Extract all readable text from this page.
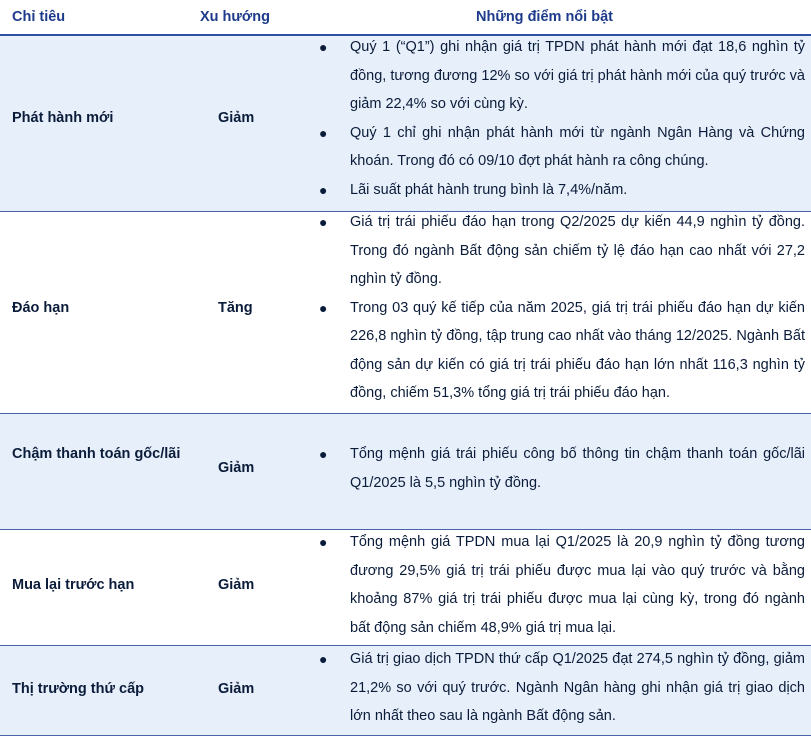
Chỉ tiêu	Xu hướng	Những điểm nổi bật
Phát hành mới	Giảm
● Quý 1 (“Q1”) ghi nhận giá trị TPDN phát hành mới đạt 18,6 nghìn tỷ đồng, tương đương 12% so với giá trị phát hành mới của quý trước và giảm 22,4% so với cùng kỳ.
● Quý 1 chỉ ghi nhận phát hành mới từ ngành Ngân Hàng và Chứng khoán. Trong đó có 09/10 đợt phát hành ra công chúng.
● Lãi suất phát hành trung bình là 7,4%/năm.
Đáo hạn	Tăng
● Giá trị trái phiếu đáo hạn trong Q2/2025 dự kiến 44,9 nghìn tỷ đồng. Trong đó ngành Bất động sản chiếm tỷ lệ đáo hạn cao nhất với 27,2 nghìn tỷ đồng.
● Trong 03 quý kế tiếp của năm 2025, giá trị trái phiếu đáo hạn dự kiến 226,8 nghìn tỷ đồng, tập trung cao nhất vào tháng 12/2025. Ngành Bất động sản dự kiến có giá trị trái phiếu đáo hạn lớn nhất 116,3 nghìn tỷ đồng, chiếm 51,3% tổng giá trị trái phiếu đáo hạn.
Chậm thanh toán gốc/lãi
Giảm
● Tổng mệnh giá trái phiếu công bố thông tin chậm thanh toán gốc/lãi Q1/2025 là 5,5 nghìn tỷ đồng.
Mua lại trước hạn	Giảm
● Tổng mệnh giá TPDN mua lại Q1/2025 là 20,9 nghìn tỷ đồng tương đương 29,5% giá trị trái phiếu được mua lại vào quý trước và bằng khoảng 87% giá trị trái phiếu được mua lại cùng kỳ, trong đó ngành bất động sản chiếm 48,9% giá trị mua lại.
Thị trường thứ cấp	Giảm
● Giá trị giao dịch TPDN thứ cấp Q1/2025 đạt 274,5 nghìn tỷ đồng, giảm 21,2% so với quý trước. Ngành Ngân hàng ghi nhận giá trị giao dịch lớn nhất theo sau là ngành Bất động sản.
